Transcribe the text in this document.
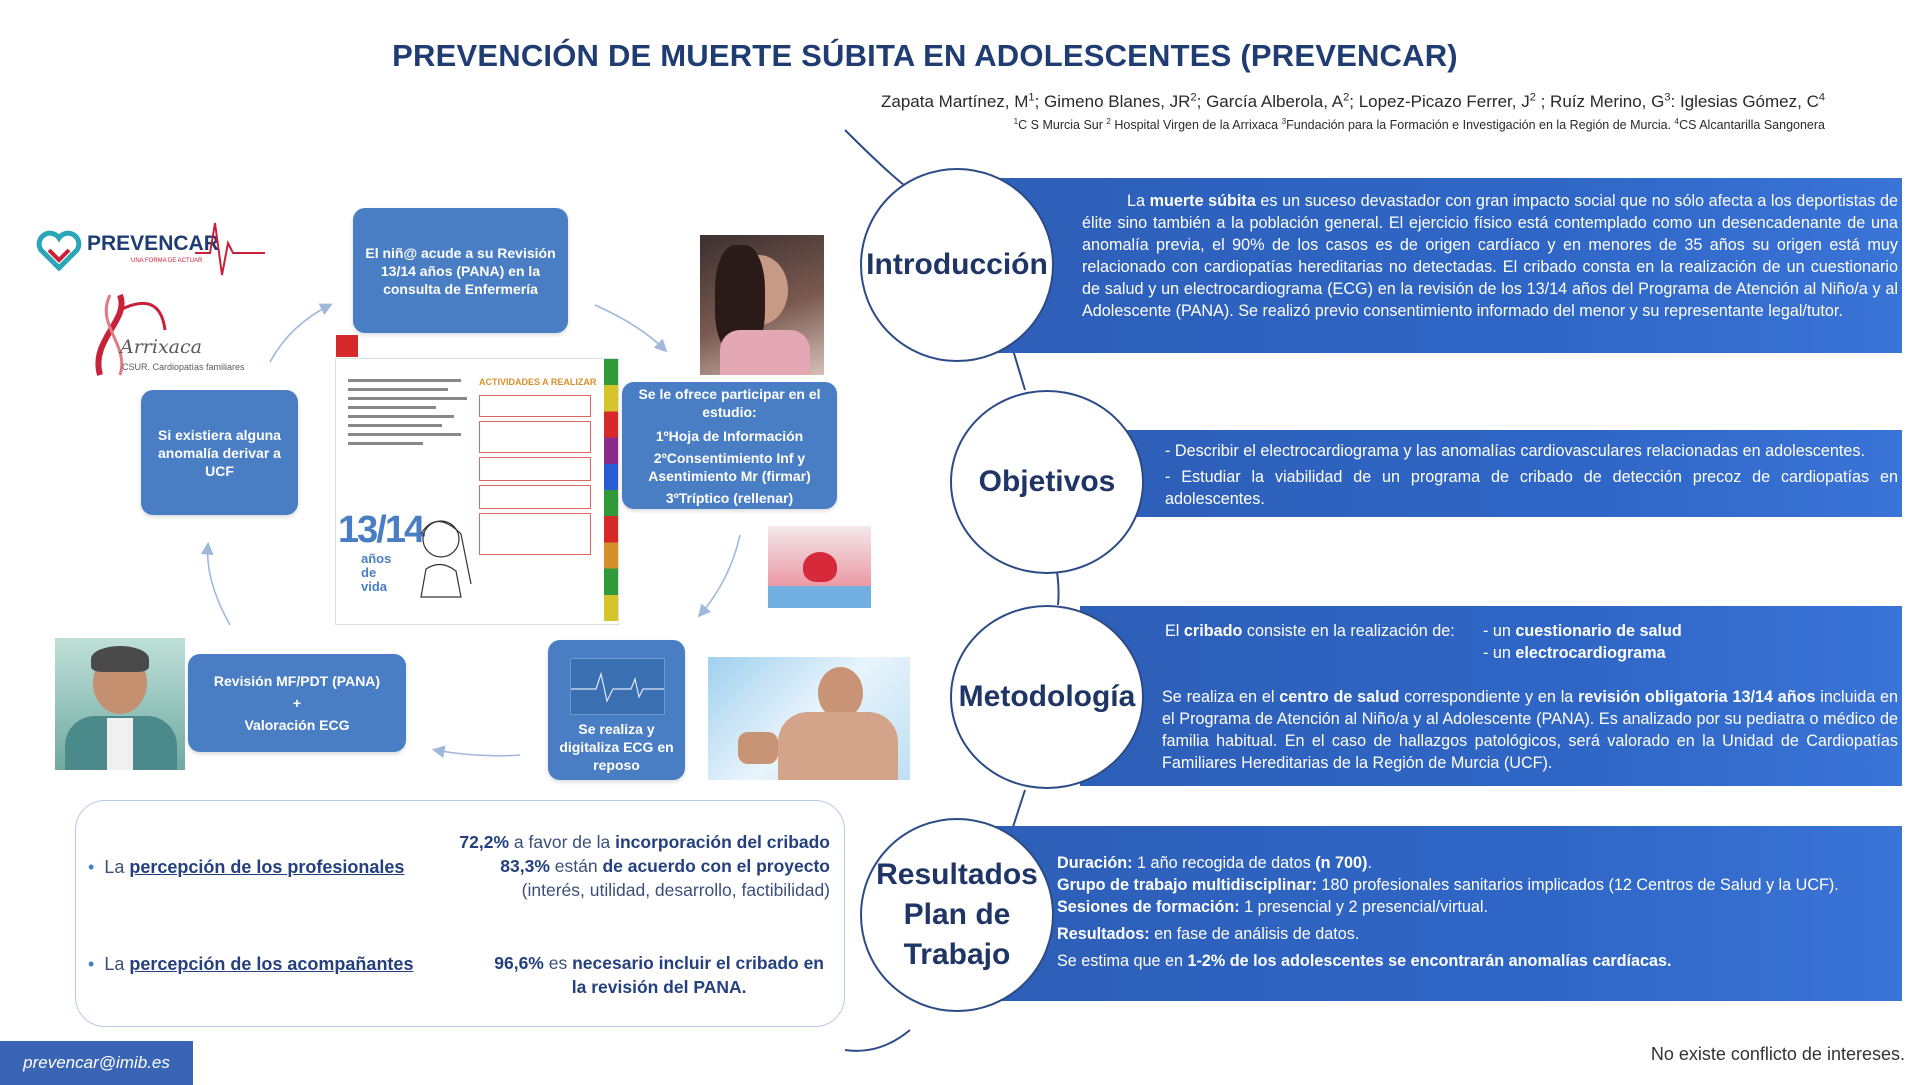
PREVENCIÓN DE MUERTE SÚBITA EN ADOLESCENTES (PREVENCAR)
Zapata Martínez, $M^1$; Gimeno Blanes, $JR^2$; García Alberola, $A^2$; Lopez-Picazo Ferrer, $J^2$ ; Ruíz Merino, $G^3$: Iglesias Gómez, $C^4$
$^1$C S Murcia Sur $^2$ Hospital Virgen de la Arrixaca $^3$Fundación para la Formación e Investigación en la Región de Murcia. $^4$CS Alcantarilla Sangonera
La muerte súbita es un suceso devastador con gran impacto social que no sólo afecta a los deportistas de élite sino también a la población general. El ejercicio físico está contemplado como un desencadenante de una anomalía previa, el 90% de los casos es de origen cardíaco y en menores de 35 años su origen está muy relacionado con cardiopatías hereditarias no detectadas. El cribado consta en la realización de un cuestionario de salud y un electrocardiograma (ECG) en la revisión de los 13/14 años del Programa de Atención al Niño/a y al Adolescente (PANA). Se realizó previo consentimiento informado del menor y su representante legal/tutor.
Introducción
- Describir el electrocardiograma y las anomalías cardiovasculares relacionadas en adolescentes.
- Estudiar la viabilidad de un programa de cribado de detección precoz de cardiopatías en adolescentes.
Objetivos
El cribado consiste en la realización de: - un cuestionario de salud
- un electrocardiograma
Se realiza en el centro de salud correspondiente y en la revisión obligatoria 13/14 años incluida en el Programa de Atención al Niño/a y al Adolescente (PANA). Es analizado por su pediatra o médico de familia habitual. En el caso de hallazgos patológicos, será valorado en la Unidad de Cardiopatías Familiares Hereditarias de la Región de Murcia (UCF).
Metodología
Duración: 1 año recogida de datos (n 700).
Grupo de trabajo multidisciplinar: 180 profesionales sanitarios implicados (12 Centros de Salud y la UCF).
Sesiones de formación: 1 presencial y 2 presencial/virtual.
Resultados: en fase de análisis de datos.
Se estima que en 1-2% de los adolescentes se encontrarán anomalías cardíacas.
Resultados
Plan de
Trabajo
PREVENCAR
UNA FORMA DE ACTUAR
Arrixaca
CSUR. Cardiopatías familiares
El niñ@ acude a su Revisión 13/14 años (PANA) en la consulta de Enfermería
Se le ofrece participar en el estudio:
1ºHoja de Información
2ºConsentimiento Inf y Asentimiento Mr (firmar)
3ºTríptico (rellenar)
Se realiza y digitaliza ECG en reposo
Revisión MF/PDT (PANA)
+
Valoración ECG
Si existiera alguna anomalía derivar a UCF
ACTIVIDADES A REALIZAR
13/14
años de vida
• La percepción de los profesionales
72,2% a favor de la incorporación del cribado
83,3% están de acuerdo con el proyecto
(interés, utilidad, desarrollo, factibilidad)
• La percepción de los acompañantes	96,6% es necesario incluir el cribado en
la revisión del PANA.
prevencar@imib.es	No existe conflicto de intereses.
